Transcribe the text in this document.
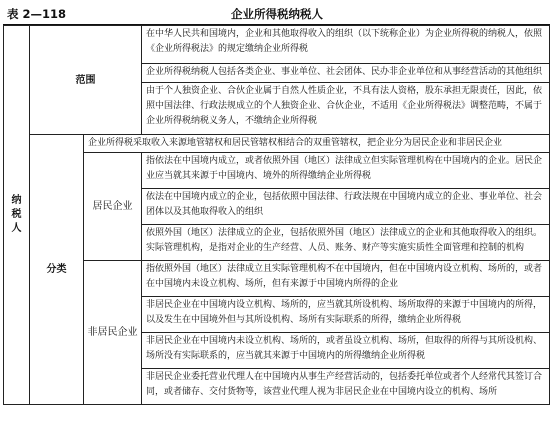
表 2—118	企业所得税纳税人
纳税人	范围		在中华人民共和国境内，企业和其他取得收入的组织（以下统称企业）为企业所得税的纳税人，依照《企业所得税法》的规定缴纳企业所得税
			企业所得税纳税人包括各类企业、事业单位、社会团体、民办非企业单位和从事经营活动的其他组织
			由于个人独资企业、合伙企业属于自然人性质企业，不具有法人资格，股东承担无限责任，因此，依照中国法律、行政法规成立的个人独资企业、合伙企业，不适用《企业所得税法》调整范畴，不属于企业所得税纳税义务人，不缴纳企业所得税
	分类	企业所得税采取收入来源地管辖权和居民管辖权相结合的双重管辖权，把企业分为居民企业和非居民企业	
		居民企业	指依法在中国境内成立，或者依照外国（地区）法律成立但实际管理机构在中国境内的企业。居民企业应当就其来源于中国境内、境外的所得缴纳企业所得税
			依法在中国境内成立的企业，包括依照中国法律、行政法规在中国境内成立的企业、事业单位、社会团体以及其他取得收入的组织
			依照外国（地区）法律成立的企业，包括依照外国（地区）法律成立的企业和其他取得收入的组织。实际管理机构，是指对企业的生产经营、人员、账务、财产等实施实质性全面管理和控制的机构
		非居民企业	指依照外国（地区）法律成立且实际管理机构不在中国境内，但在中国境内设立机构、场所的，或者在中国境内未设立机构、场所，但有来源于中国境内所得的企业
			非居民企业在中国境内设立机构、场所的，应当就其所设机构、场所取得的来源于中国境内的所得，以及发生在中国境外但与其所设机构、场所有实际联系的所得，缴纳企业所得税
			非居民企业在中国境内未设立机构、场所的，或者虽设立机构、场所，但取得的所得与其所设机构、场所没有实际联系的，应当就其来源于中国境内的所得缴纳企业所得税
			非居民企业委托营业代理人在中国境内从事生产经营活动的，包括委托单位或者个人经常代其签订合同，或者储存、交付货物等，该营业代理人视为非居民企业在中国境内设立的机构、场所
